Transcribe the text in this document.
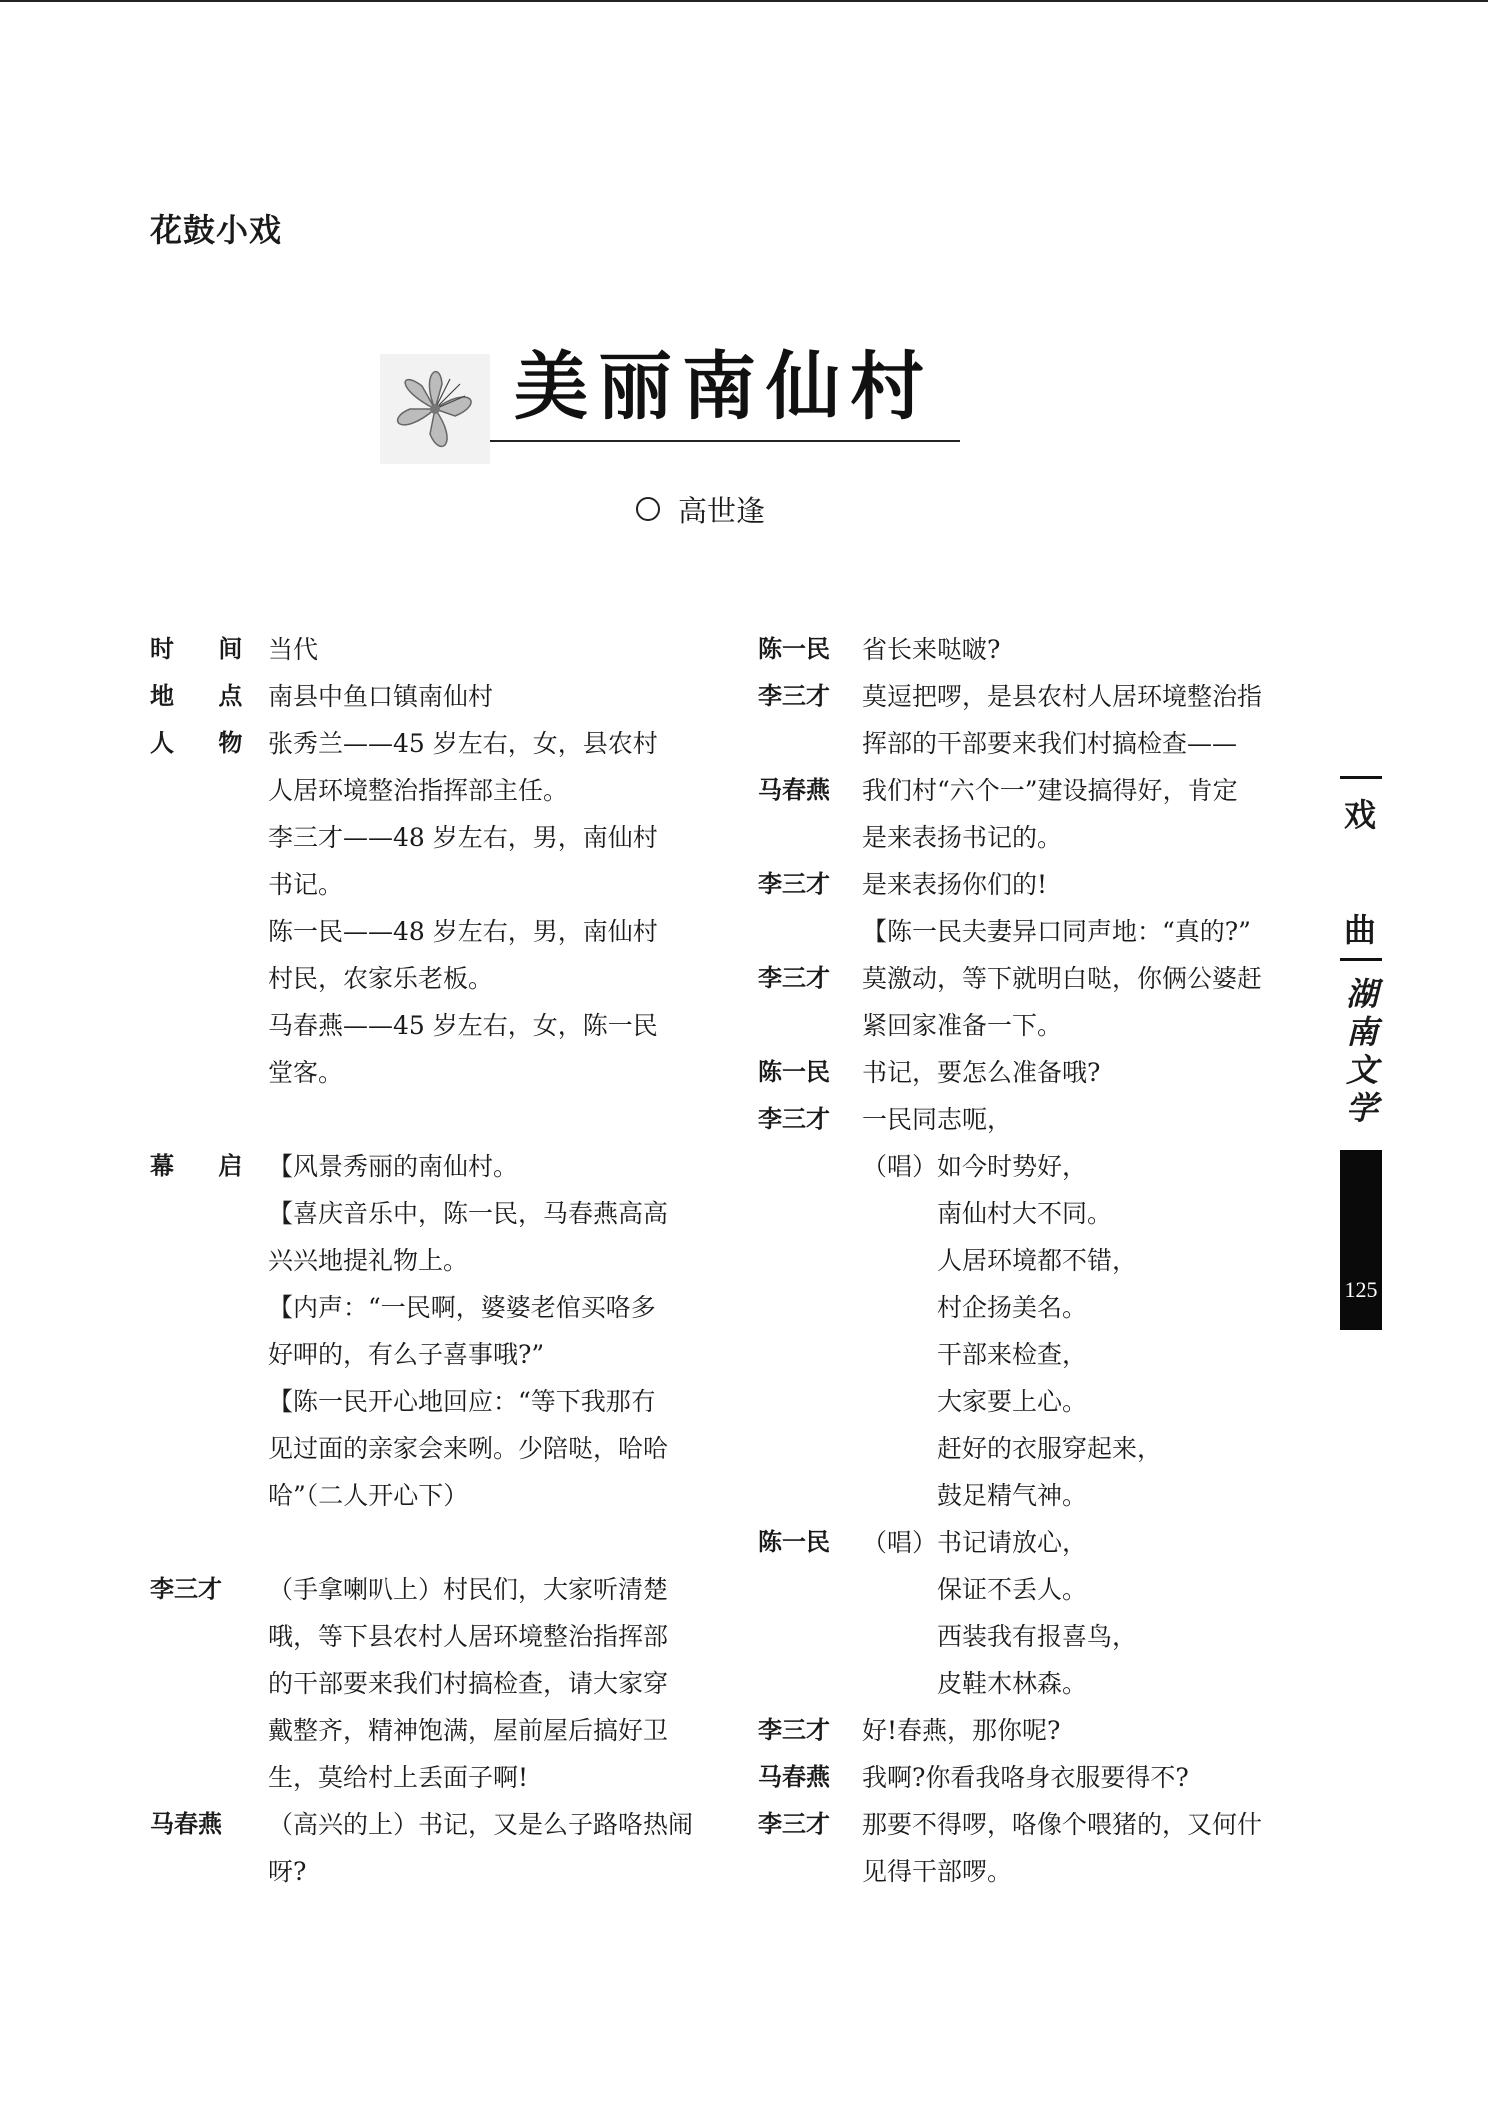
花鼓小戏
美丽南仙村
高世逢
时 间 当代
地 点 南县中鱼口镇南仙村
人 物 张秀兰——45 岁左右，女，县农村
人居环境整治指挥部主任。
李三才——48 岁左右，男，南仙村
书记。
陈一民——48 岁左右，男，南仙村
村民，农家乐老板。
马春燕——45 岁左右，女，陈一民
堂客。
幕 启 【风景秀丽的南仙村。
【喜庆音乐中，陈一民，马春燕高高
兴兴地提礼物上。
【内声：“一民啊，婆婆老倌买咯多
好呷的，有么子喜事哦?”
【陈一民开心地回应：“等下我那冇
见过面的亲家会来咧。少陪哒，哈哈
哈”（二人开心下）
李三才 （手拿喇叭上）村民们，大家听清楚
哦，等下县农村人居环境整治指挥部
的干部要来我们村搞检查，请大家穿
戴整齐，精神饱满，屋前屋后搞好卫
生，莫给村上丢面子啊!
马春燕 （高兴的上）书记，又是么子路咯热闹
呀?
陈一民 省长来哒啵?
李三才 莫逗把啰，是县农村人居环境整治指
挥部的干部要来我们村搞检查——
马春燕 我们村“六个一”建设搞得好，肯定
是来表扬书记的。
李三才 是来表扬你们的!
【陈一民夫妻异口同声地：“真的?”
李三才 莫激动，等下就明白哒，你俩公婆赶
紧回家准备一下。
陈一民 书记，要怎么准备哦?
李三才 一民同志呃，
（唱）如今时势好，
　　　南仙村大不同。
　　　人居环境都不错，
　　　村企扬美名。
　　　干部来检查，
　　　大家要上心。
　　　赶好的衣服穿起来，
　　　鼓足精气神。
陈一民 （唱）书记请放心，
　　　保证不丢人。
　　　西装我有报喜鸟，
　　　皮鞋木林森。
李三才 好!春燕，那你呢?
马春燕 我啊?你看我咯身衣服要得不?
李三才 那要不得啰，咯像个喂猪的，又何什
见得干部啰。
戏
曲
湖
南
文
学
125
